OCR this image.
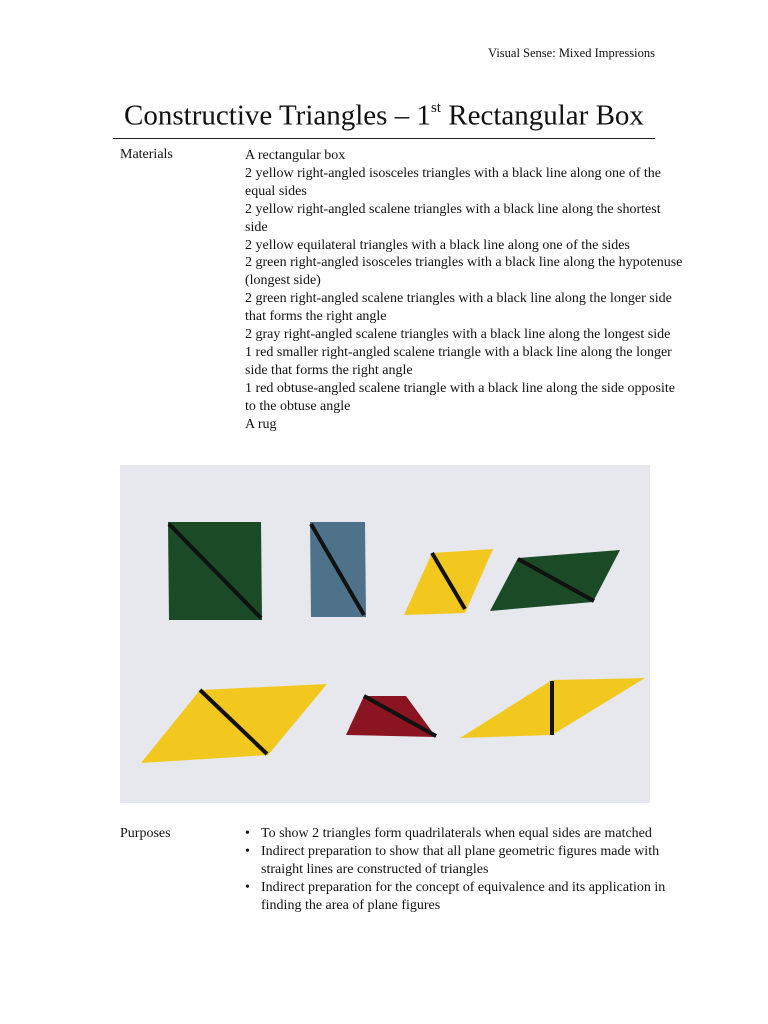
Visual Sense: Mixed Impressions
Constructive Triangles – 1st Rectangular Box
Materials	A rectangular box
2 yellow right-angled isosceles triangles with a black line along one of the equal sides
2 yellow right-angled scalene triangles with a black line along the shortest side
2 yellow equilateral triangles with a black line along one of the sides
2 green right-angled isosceles triangles with a black line along the hypotenuse (longest side)
2 green right-angled scalene triangles with a black line along the longer side that forms the right angle
2 gray right-angled scalene triangles with a black line along the longest side
1 red smaller right-angled scalene triangle with a black line along the longer side that forms the right angle
1 red obtuse-angled scalene triangle with a black line along the side opposite to the obtuse angle
A rug
Purposes
•	To show 2 triangles form quadrilaterals when equal sides are matched
• Indirect preparation to show that all plane geometric figures made with straight lines are constructed of triangles
• Indirect preparation for the concept of equivalence and its application in finding the area of plane figures
